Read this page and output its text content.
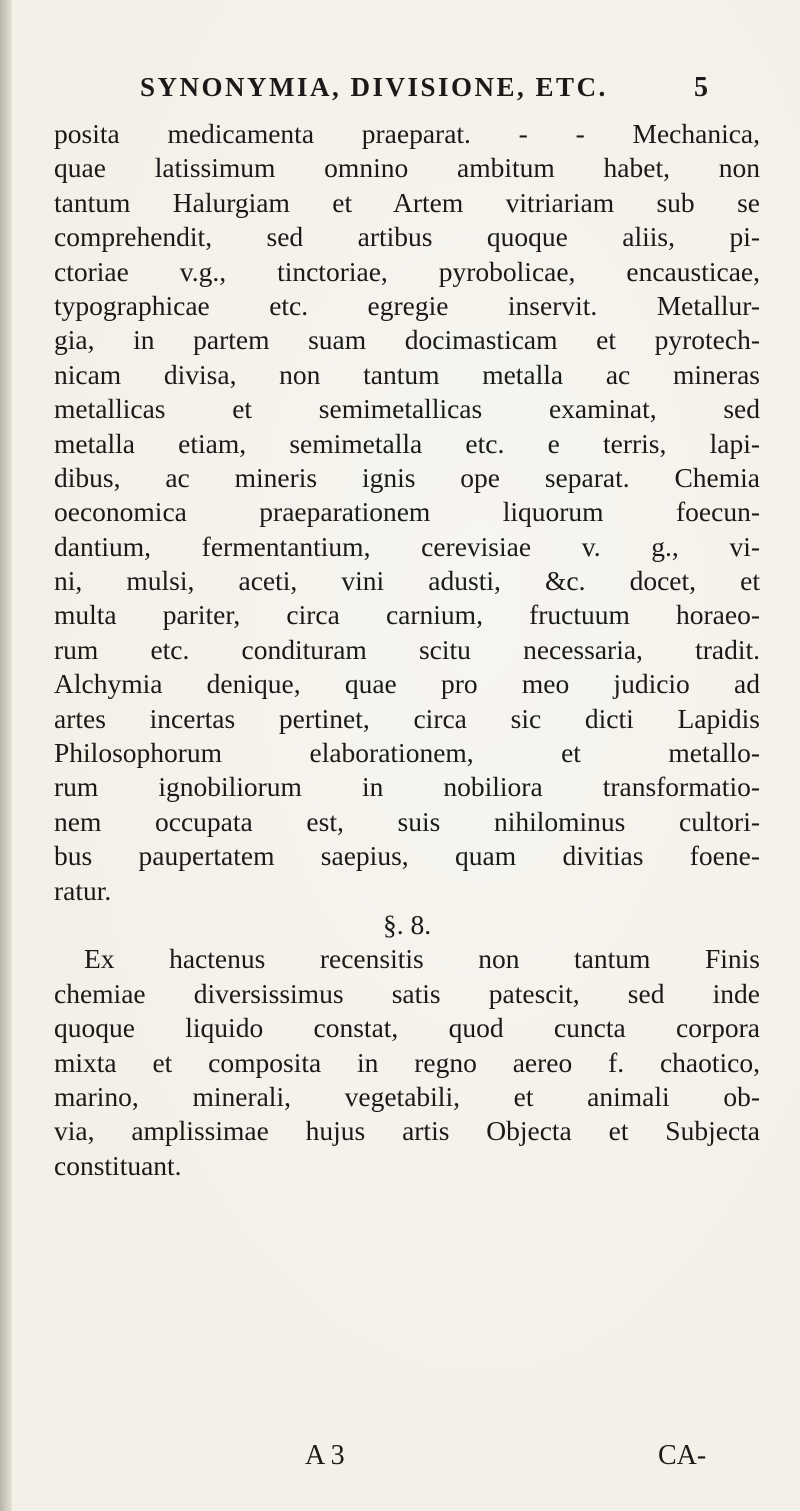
SYNONYMIA, DIVISIONE, ETC.	5
posita medicamenta praeparat. - - Mechanica,
quae latissimum omnino ambitum habet, non
tantum Halurgiam et Artem vitriariam sub se
comprehendit, sed artibus quoque aliis, pi-
ctoriae v.g., tinctoriae, pyrobolicae, encausticae,
typographicae etc. egregie inservit. Metallur-
gia, in partem suam docimasticam et pyrotech-
nicam divisa, non tantum metalla ac mineras
metallicas et semimetallicas examinat, sed
metalla etiam, semimetalla etc. e terris, lapi-
dibus, ac mineris ignis ope separat. Chemia
oeconomica praeparationem liquorum foecun-
dantium, fermentantium, cerevisiae v. g., vi-
ni, mulsi, aceti, vini adusti, &c. docet, et
multa pariter, circa carnium, fructuum horaeo-
rum etc. condituram scitu necessaria, tradit.
Alchymia denique, quae pro meo judicio ad
artes incertas pertinet, circa sic dicti Lapidis
Philosophorum elaborationem, et metallo-
rum ignobiliorum in nobiliora transformatio-
nem occupata est, suis nihilominus cultori-
bus paupertatem saepius, quam divitias foene-
ratur.
§. 8.
Ex hactenus recensitis non tantum Finis
chemiae diversissimus satis patescit, sed inde
quoque liquido constat, quod cuncta corpora
mixta et composita in regno aereo f. chaotico,
marino, minerali, vegetabili, et animali ob-
via, amplissimae hujus artis Objecta et Subjecta
constituant.
A 3	CA-
